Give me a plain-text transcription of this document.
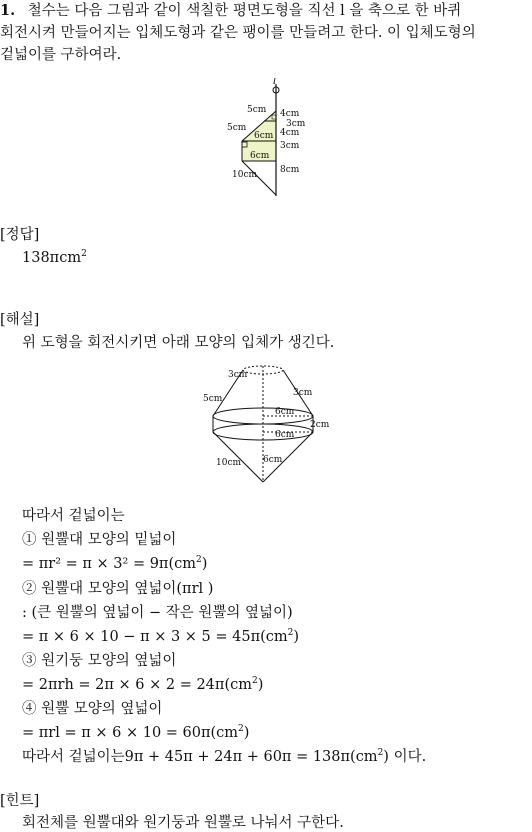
1. 철수는 다음 그림과 같이 색칠한 평면도형을 직선 l 을 축으로 한 바퀴
회전시켜 만들어지는 입체도형과 같은 팽이를 만들려고 한다. 이 입체도형의
겉넓이를 구하여라.
l
5cm 4cm
3cm
5cm
6cm 4cm
3cm
6cm
10cm	8cm
[정답]
138πcm$^2$
[해설]
위 도형을 회전시키면 아래 모양의 입체가 생긴다.
3cm
5cm
3cm
6cm
2cm
6cm
10cm 6cm
따라서 겉넓이는
① 원뿔대 모양의 밑넓이
= $\pi r^2 = \pi \times 3^2 = 9\pi(cm^2)$
② 원뿔대 모양의 옆넓이(πrl )
: (큰 원뿔의 옆넓이 − 작은 원뿔의 옆넓이)
= $\pi \times 6 \times 10 - \pi \times 3 \times 5 = 45\pi(cm^2)$
③ 원기둥 모양의 옆넓이
= $2\pi rh = 2\pi \times 6 \times 2 = 24\pi(cm^2)$
④ 원뿔 모양의 옆넓이
= $\pi rl = \pi \times 6 \times 10 = 60\pi(cm^2)$
따라서 겉넓이는$9\pi + 45\pi + 24\pi + 60\pi = 138\pi(cm^2)$ 이다.
[힌트]
회전체를 원뿔대와 원기둥과 원뿔로 나눠서 구한다.
